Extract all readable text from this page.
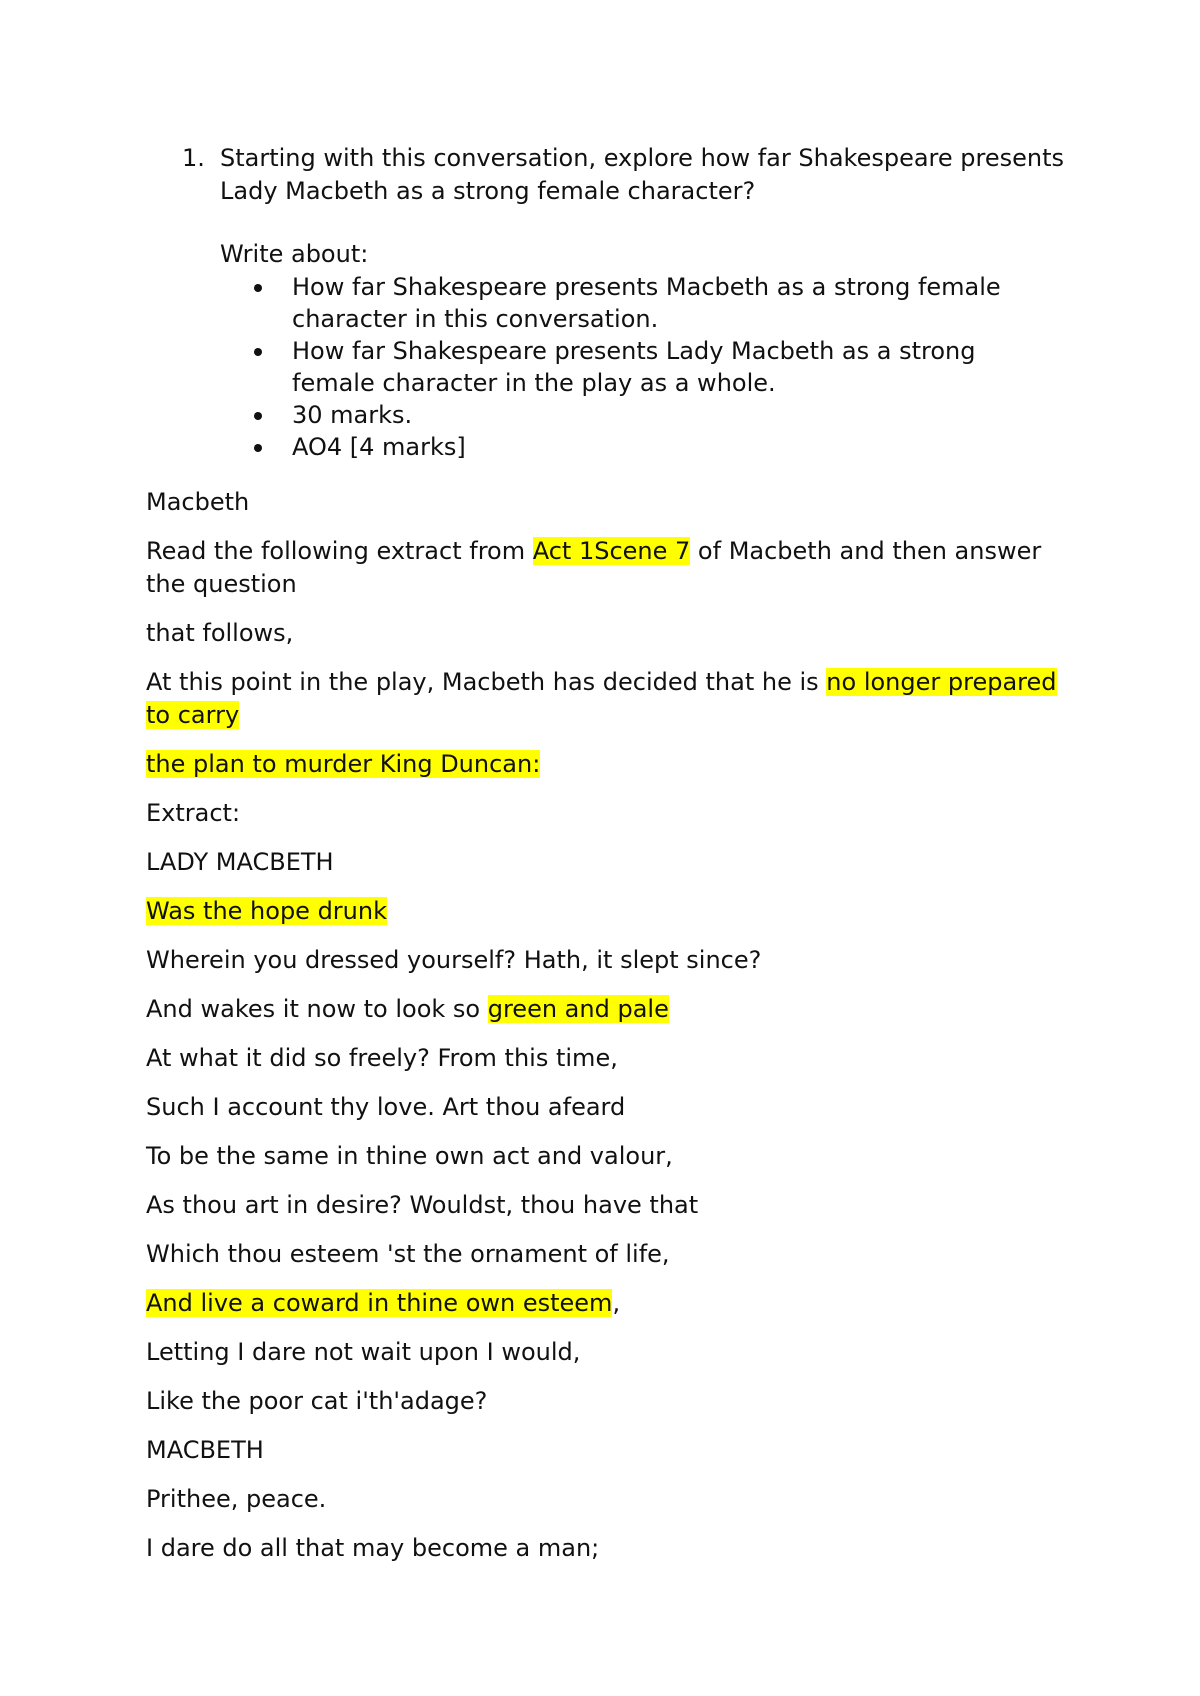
1. Starting with this conversation, explore how far Shakespeare presents Lady Macbeth as a strong female character?
Write about:
How far Shakespeare presents Macbeth as a strong female character in this conversation.
How far Shakespeare presents Lady Macbeth as a strong female character in the play as a whole.
30 marks.
AO4 [4 marks]

Macbeth

Read the following extract from Act 1Scene 7 of Macbeth and then answer the question

that follows,

At this point in the play, Macbeth has decided that he is no longer prepared to carry

the plan to murder King Duncan:

Extract:

LADY MACBETH

Was the hope drunk

Wherein you dressed yourself? Hath, it slept since?

And wakes it now to look so green and pale

At what it did so freely? From this time,

Such I account thy love. Art thou afeard

To be the same in thine own act and valour,

As thou art in desire? Wouldst, thou have that

Which thou esteem 'st the ornament of life,

And live a coward in thine own esteem,

Letting I dare not wait upon I would,

Like the poor cat i'th'adage?

MACBETH

Prithee, peace.

I dare do all that may become a man;
